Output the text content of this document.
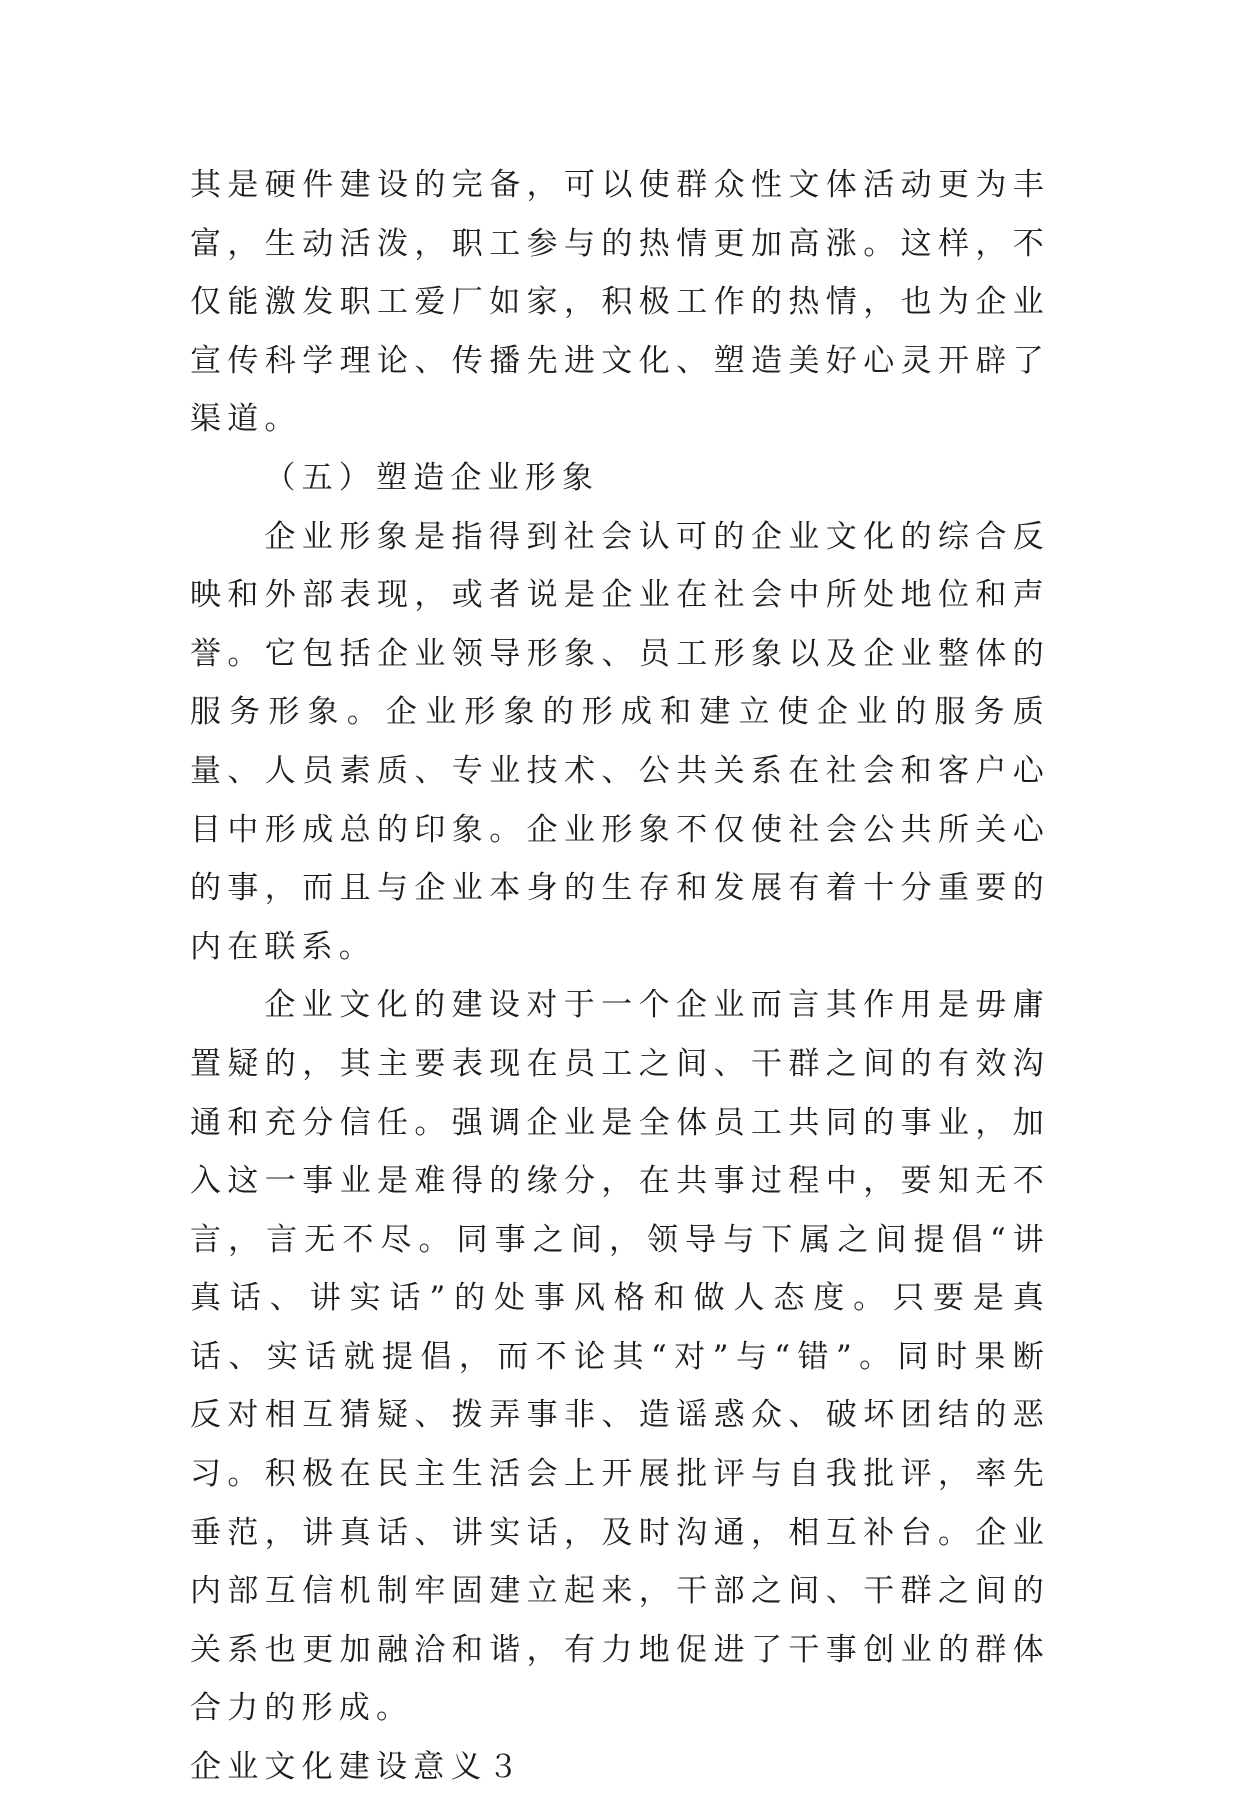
其是硬件建设的完备，可以使群众性文体活动更为丰富，生动活泼，职工参与的热情更加高涨。这样，不仅能激发职工爱厂如家，积极工作的热情，也为企业宣传科学理论、传播先进文化、塑造美好心灵开辟了渠道。

（五）塑造企业形象

企业形象是指得到社会认可的企业文化的综合反映和外部表现，或者说是企业在社会中所处地位和声誉。它包括企业领导形象、员工形象以及企业整体的服务形象。企业形象的形成和建立使企业的服务质量、人员素质、专业技术、公共关系在社会和客户心目中形成总的印象。企业形象不仅使社会公共所关心的事，而且与企业本身的生存和发展有着十分重要的内在联系。

企业文化的建设对于一个企业而言其作用是毋庸置疑的，其主要表现在员工之间、干群之间的有效沟通和充分信任。强调企业是全体员工共同的事业，加入这一事业是难得的缘分，在共事过程中，要知无不言，言无不尽。同事之间，领导与下属之间提倡“讲真话、讲实话”的处事风格和做人态度。只要是真话、实话就提倡，而不论其“对”与“错”。同时果断反对相互猜疑、拨弄事非、造谣惑众、破坏团结的恶习。积极在民主生活会上开展批评与自我批评，率先垂范，讲真话、讲实话，及时沟通，相互补台。企业内部互信机制牢固建立起来，干部之间、干群之间的关系也更加融洽和谐，有力地促进了干事创业的群体合力的形成。

企业文化建设意义３
